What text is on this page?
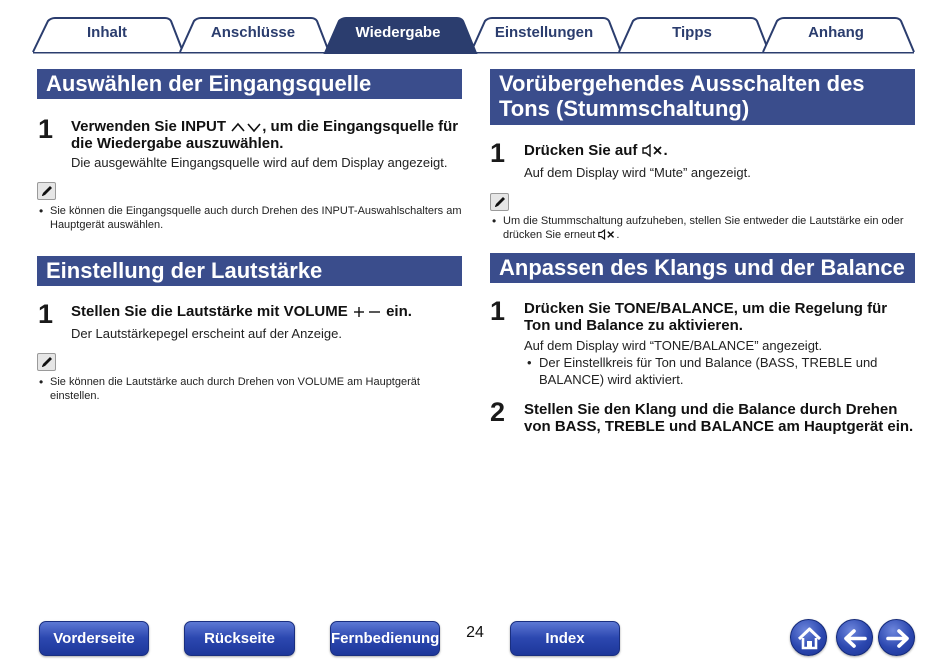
Inhalt	Anschlüsse	Wiedergabe	Einstellungen	Tipps	Anhang
Auswählen der Eingangsquelle
1 Verwenden Sie INPUT , um die Eingangsquelle für die Wiedergabe auszuwählen.
Die ausgewählte Eingangsquelle wird auf dem Display angezeigt.
• Sie können die Eingangsquelle auch durch Drehen des INPUT-Auswahlschalters am Hauptgerät auswählen.
Einstellung der Lautstärke
1 Stellen Sie die Lautstärke mit VOLUME  ein.
Der Lautstärkepegel erscheint auf der Anzeige.
• Sie können die Lautstärke auch durch Drehen von VOLUME am Hauptgerät einstellen.
Vorübergehendes Ausschalten des Tons (Stummschaltung)
1 Drücken Sie auf .
Auf dem Display wird “Mute” angezeigt.
• Um die Stummschaltung aufzuheben, stellen Sie entweder die Lautstärke ein oder drücken Sie erneut .
Anpassen des Klangs und der Balance
1 Drücken Sie TONE/BALANCE, um die Regelung für Ton und Balance zu aktivieren.
Auf dem Display wird “TONE/BALANCE” angezeigt.
• Der Einstellkreis für Ton und Balance (BASS, TREBLE und BALANCE) wird aktiviert.
2 Stellen Sie den Klang und die Balance durch Drehen von BASS, TREBLE und BALANCE am Hauptgerät ein.
Vorderseite	Rückseite	Fernbedienung	24	Index
